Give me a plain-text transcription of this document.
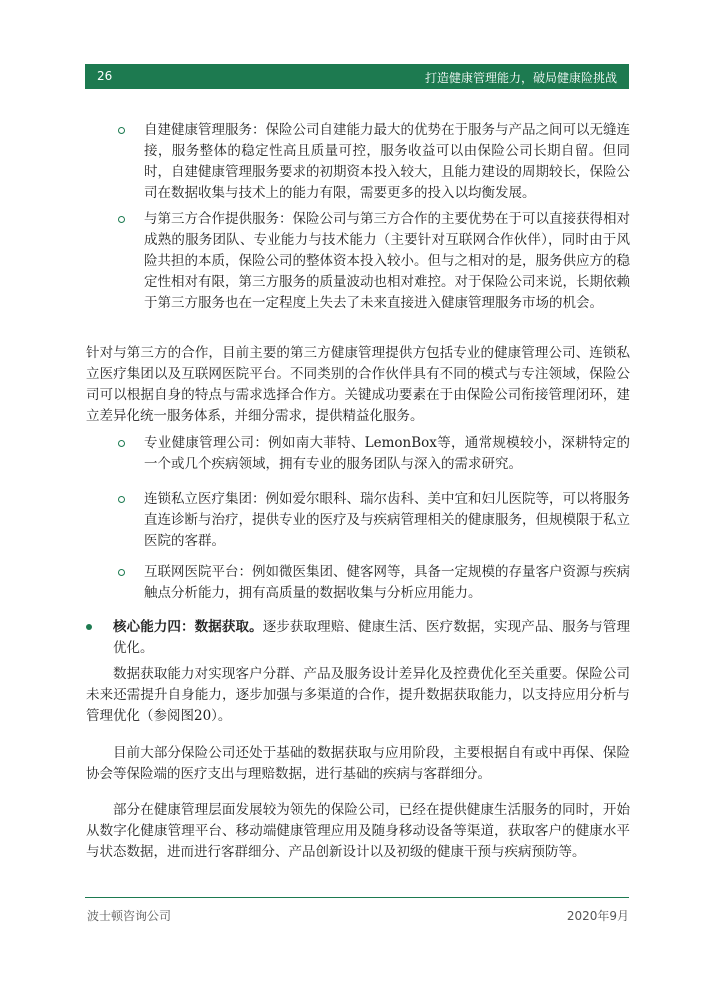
26	打造健康管理能力，破局健康险挑战
自建健康管理服务：保险公司自建能力最大的优势在于服务与产品之间可以无缝连接，服务整体的稳定性高且质量可控，服务收益可以由保险公司长期自留。但同时，自建健康管理服务要求的初期资本投入较大，且能力建设的周期较长，保险公司在数据收集与技术上的能力有限，需要更多的投入以均衡发展。
与第三方合作提供服务：保险公司与第三方合作的主要优势在于可以直接获得相对成熟的服务团队、专业能力与技术能力（主要针对互联网合作伙伴），同时由于风险共担的本质，保险公司的整体资本投入较小。但与之相对的是，服务供应方的稳定性相对有限，第三方服务的质量波动也相对难控。对于保险公司来说，长期依赖于第三方服务也在一定程度上失去了未来直接进入健康管理服务市场的机会。
针对与第三方的合作，目前主要的第三方健康管理提供方包括专业的健康管理公司、连锁私立医疗集团以及互联网医院平台。不同类别的合作伙伴具有不同的模式与专注领域，保险公司可以根据自身的特点与需求选择合作方。关键成功要素在于由保险公司衔接管理闭环，建立差异化统一服务体系，并细分需求，提供精益化服务。
专业健康管理公司：例如南大菲特、LemonBox等，通常规模较小，深耕特定的一个或几个疾病领域，拥有专业的服务团队与深入的需求研究。
连锁私立医疗集团：例如爱尔眼科、瑞尔齿科、美中宜和妇儿医院等，可以将服务直连诊断与治疗，提供专业的医疗及与疾病管理相关的健康服务，但规模限于私立医院的客群。
互联网医院平台：例如微医集团、健客网等，具备一定规模的存量客户资源与疾病触点分析能力，拥有高质量的数据收集与分析应用能力。
核心能力四：数据获取。逐步获取理赔、健康生活、医疗数据，实现产品、服务与管理优化。
数据获取能力对实现客户分群、产品及服务设计差异化及控费优化至关重要。保险公司未来还需提升自身能力，逐步加强与多渠道的合作，提升数据获取能力，以支持应用分析与管理优化（参阅图20）。
目前大部分保险公司还处于基础的数据获取与应用阶段，主要根据自有或中再保、保险协会等保险端的医疗支出与理赔数据，进行基础的疾病与客群细分。
部分在健康管理层面发展较为领先的保险公司，已经在提供健康生活服务的同时，开始从数字化健康管理平台、移动端健康管理应用及随身移动设备等渠道，获取客户的健康水平与状态数据，进而进行客群细分、产品创新设计以及初级的健康干预与疾病预防等。
波士顿咨询公司	2020年9月
